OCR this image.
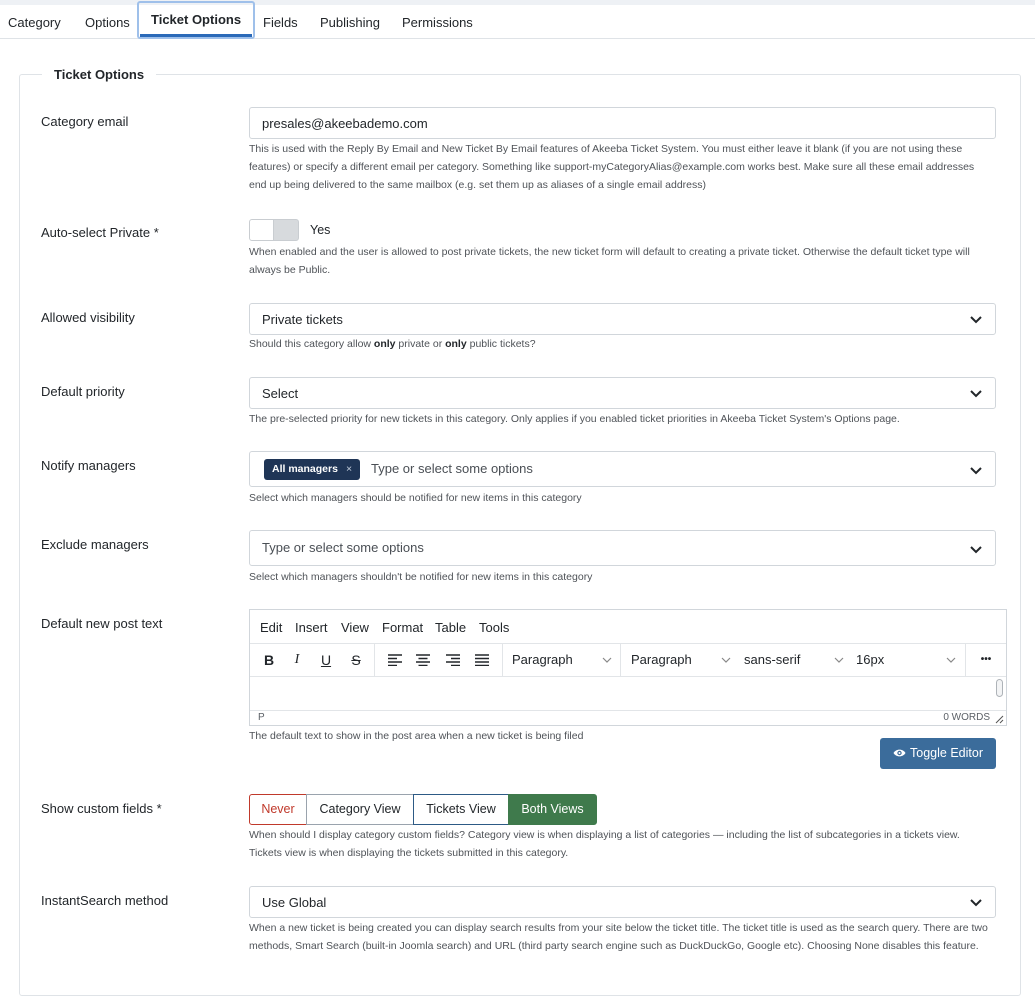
Category Options	Ticket Options	Fields Publishing Permissions
Ticket Options
Category email	presales@akeebademo.com
This is used with the Reply By Email and New Ticket By Email features of Akeeba Ticket System. You must either leave it blank (if you are not using these features) or specify a different email per category. Something like support-myCategoryAlias@example.com works best. Make sure all these email addresses end up being delivered to the same mailbox (e.g. set them up as aliases of a single email address)
Auto-select Private *	Yes
When enabled and the user is allowed to post private tickets, the new ticket form will default to creating a private ticket. Otherwise the default ticket type will always be Public.
Allowed visibility	Private tickets
Should this category allow only private or only public tickets?
Default priority	Select
The pre-selected priority for new tickets in this category. Only applies if you enabled ticket priorities in Akeeba Ticket System's Options page.
Notify managers	All managers ×	Type or select some options
Select which managers should be notified for new items in this category
Exclude managers	Type or select some options
Select which managers shouldn't be notified for new items in this category
Default new post text	Edit Insert View Format Table Tools
B	I	U	S	Paragraph	Paragraph	sans-serif	16px	•••
P	0 WORDS
The default text to show in the post area when a new ticket is being filed
Toggle Editor
Show custom fields *	Never	Category View	Tickets View	Both Views
When should I display category custom fields? Category view is when displaying a list of categories — including the list of subcategories in a tickets view. Tickets view is when displaying the tickets submitted in this category.
InstantSearch method	Use Global
When a new ticket is being created you can display search results from your site below the ticket title. The ticket title is used as the search query. There are two methods, Smart Search (built-in Joomla search) and URL (third party search engine such as DuckDuckGo, Google etc). Choosing None disables this feature.
